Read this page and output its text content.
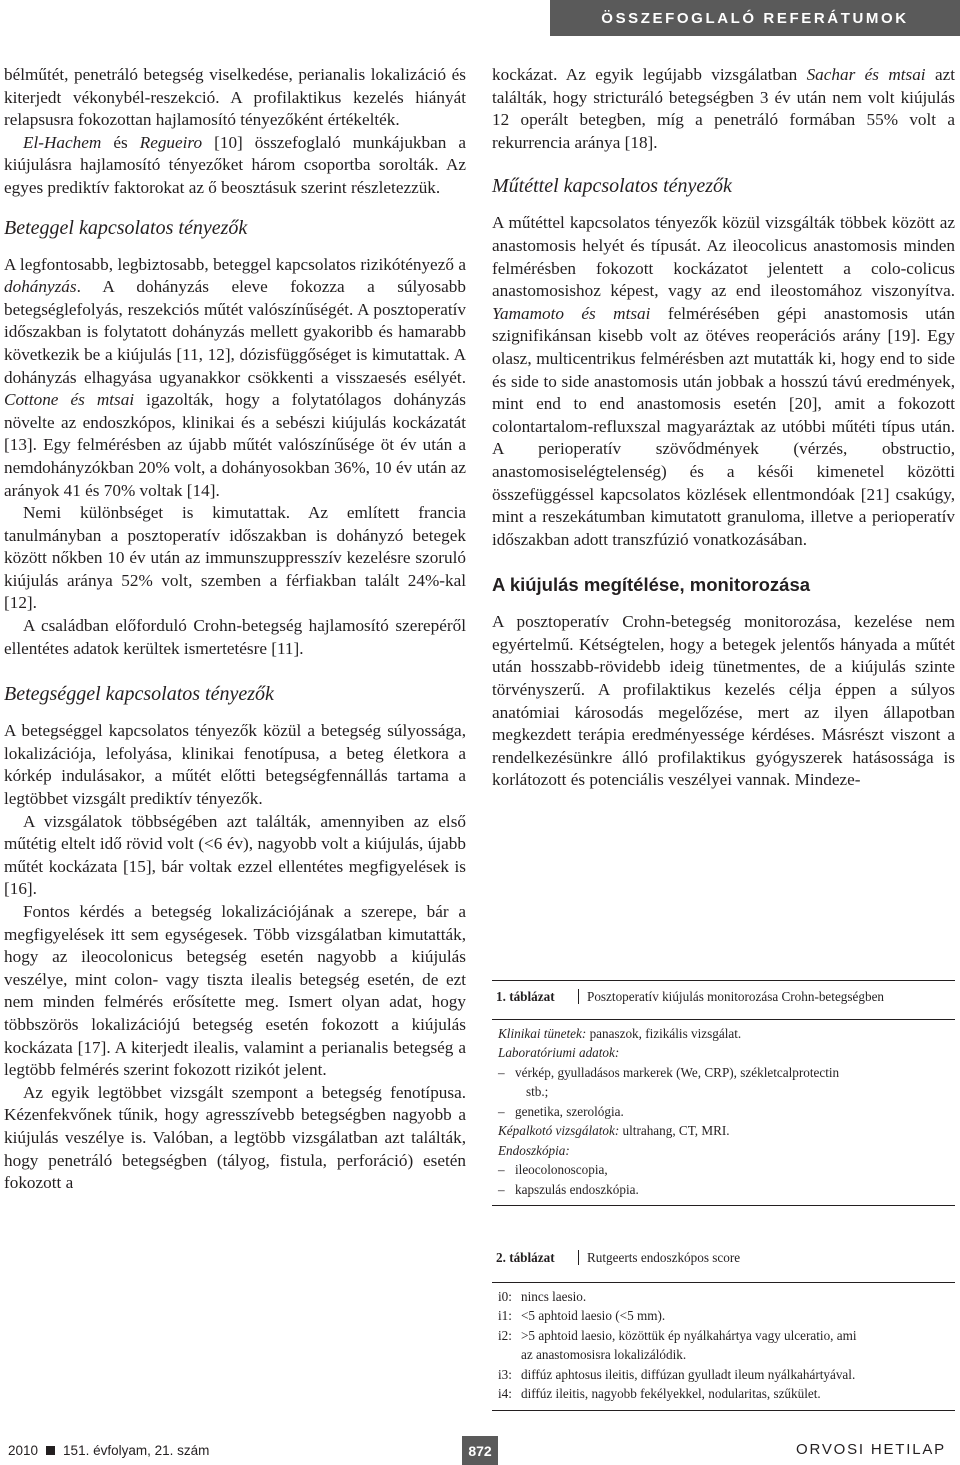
ÖSSZEFOGLALÓ REFERÁTUMOK

bélműtét, penetráló betegség viselkedése, perianalis lokalizáció és kiterjedt vékonybél-reszekció. A profilaktikus kezelés hiányát relapsusra fokozottan hajlamosító tényezőként értékelték.

El-Hachem és Regueiro [10] összefoglaló munkájukban a kiújulásra hajlamosító tényezőket három csoportba sorolták. Az egyes prediktív faktorokat az ő beosztásuk szerint részletezzük.

Beteggel kapcsolatos tényezők

A legfontosabb, legbiztosabb, beteggel kapcsolatos rizikótényező a dohányzás. A dohányzás eleve fokozza a súlyosabb betegséglefolyás, reszekciós műtét valószínűségét. A posztoperatív időszakban is folytatott dohányzás mellett gyakoribb és hamarabb következik be a kiújulás [11, 12], dózisfüggőséget is kimutattak. A dohányzás elhagyása ugyanakkor csökkenti a visszaesés esélyét. Cottone és mtsai igazolták, hogy a folytatólagos dohányzás növelte az endoszkópos, klinikai és a sebészi kiújulás kockázatát [13]. Egy felmérésben az újabb műtét valószínűsége öt év után a nemdohányzókban 20% volt, a dohányosokban 36%, 10 év után az arányok 41 és 70% voltak [14].

Nemi különbséget is kimutattak. Az említett francia tanulmányban a posztoperatív időszakban is dohányzó betegek között nőkben 10 év után az immunszuppresszív kezelésre szoruló kiújulás aránya 52% volt, szemben a férfiakban talált 24%-kal [12].

A családban előforduló Crohn-betegség hajlamosító szerepéről ellentétes adatok kerültek ismertetésre [11].

Betegséggel kapcsolatos tényezők

A betegséggel kapcsolatos tényezők közül a betegség súlyossága, lokalizációja, lefolyása, klinikai fenotípusa, a beteg életkora a kórkép indulásakor, a műtét előtti betegségfennállás tartama a legtöbbet vizsgált prediktív tényezők.

A vizsgálatok többségében azt találták, amennyiben az első műtétig eltelt idő rövid volt (<6 év), nagyobb volt a kiújulás, újabb műtét kockázata [15], bár voltak ezzel ellentétes megfigyelések is [16].

Fontos kérdés a betegség lokalizációjának a szerepe, bár a megfigyelések itt sem egységesek. Több vizsgálatban kimutatták, hogy az ileocolonicus betegség esetén nagyobb a kiújulás veszélye, mint colon- vagy tiszta ilealis betegség esetén, de ezt nem minden felmérés erősítette meg. Ismert olyan adat, hogy többszörös lokalizációjú betegség esetén fokozott a kiújulás kockázata [17]. A kiterjedt ilealis, valamint a perianalis betegség a legtöbb felmérés szerint fokozott rizikót jelent.

Az egyik legtöbbet vizsgált szempont a betegség fenotípusa. Kézenfekvőnek tűnik, hogy agresszívebb betegségben nagyobb a kiújulás veszélye is. Valóban, a legtöbb vizsgálatban azt találták, hogy penetráló betegségben (tályog, fistula, perforáció) esetén fokozott a

kockázat. Az egyik legújabb vizsgálatban Sachar és mtsai azt találták, hogy stricturáló betegségben 3 év után nem volt kiújulás 12 operált betegben, míg a penetráló formában 55% volt a rekurrencia aránya [18].

Műtéttel kapcsolatos tényezők

A műtéttel kapcsolatos tényezők közül vizsgálták többek között az anastomosis helyét és típusát. Az ileocolicus anastomosis minden felmérésben fokozott kockázatot jelentett a colo-colicus anastomosishoz képest, vagy az end ileostomához viszonyítva. Yamamoto és mtsai felmérésében gépi anastomosis után szignifikánsan kisebb volt az ötéves reoperációs arány [19]. Egy olasz, multicentrikus felmérésben azt mutatták ki, hogy end to side és side to side anastomosis után jobbak a hosszú távú eredmények, mint end to end anastomosis esetén [20], amit a fokozott colontartalom-refluxszal magyaráztak az utóbbi műtéti típus után. A perioperatív szövődmények (vérzés, obstructio, anastomosiselégtelenség) és a késői kimenetel közötti összefüggéssel kapcsolatos közlések ellentmondóak [21] csakúgy, mint a reszekátumban kimutatott granuloma, illetve a perioperatív időszakban adott transzfúzió vonatkozásában.

A kiújulás megítélése, monitorozása

A posztoperatív Crohn-betegség monitorozása, kezelése nem egyértelmű. Kétségtelen, hogy a betegek jelentős hányada a műtét után hosszabb-rövidebb ideig tünetmentes, de a kiújulás szinte törvényszerű. A profilaktikus kezelés célja éppen a súlyos anatómiai károsodás megelőzése, mert az ilyen állapotban megkezdett terápia eredményessége kérdéses. Másrészt viszont a rendelkezésünkre álló profilaktikus gyógyszerek hatásossága is korlátozott és potenciális veszélyei vannak. Mindeze-

1. táblázat	Posztoperatív kiújulás monitorozása Crohn-betegségben
Klinikai tünetek: panaszok, fizikális vizsgálat.
Laboratóriumi adatok:
– vérkép, gyulladásos markerek (We, CRP), székletcalprotectin
stb.;
– genetika, szerológia.
Képalkotó vizsgálatok: ultrahang, CT, MRI.
Endoszkópia:
– ileocolonoscopia,
– kapszulás endoszkópia.
2. táblázat	Rutgeerts endoszkópos score
i0: nincs laesio.
i1: <5 aphtoid laesio (<5 mm).
i2: >5 aphtoid laesio, közöttük ép nyálkahártya vagy ulceratio, ami
az anastomosisra lokalizálódik.
i3: diffúz aphtosus ileitis, diffúzan gyulladt ileum nyálkahártyával.
i4: diffúz ileitis, nagyobb fekélyekkel, nodularitas, szűkület.
2010 151. évfolyam, 21. szám	872	ORVOSI HETILAP
